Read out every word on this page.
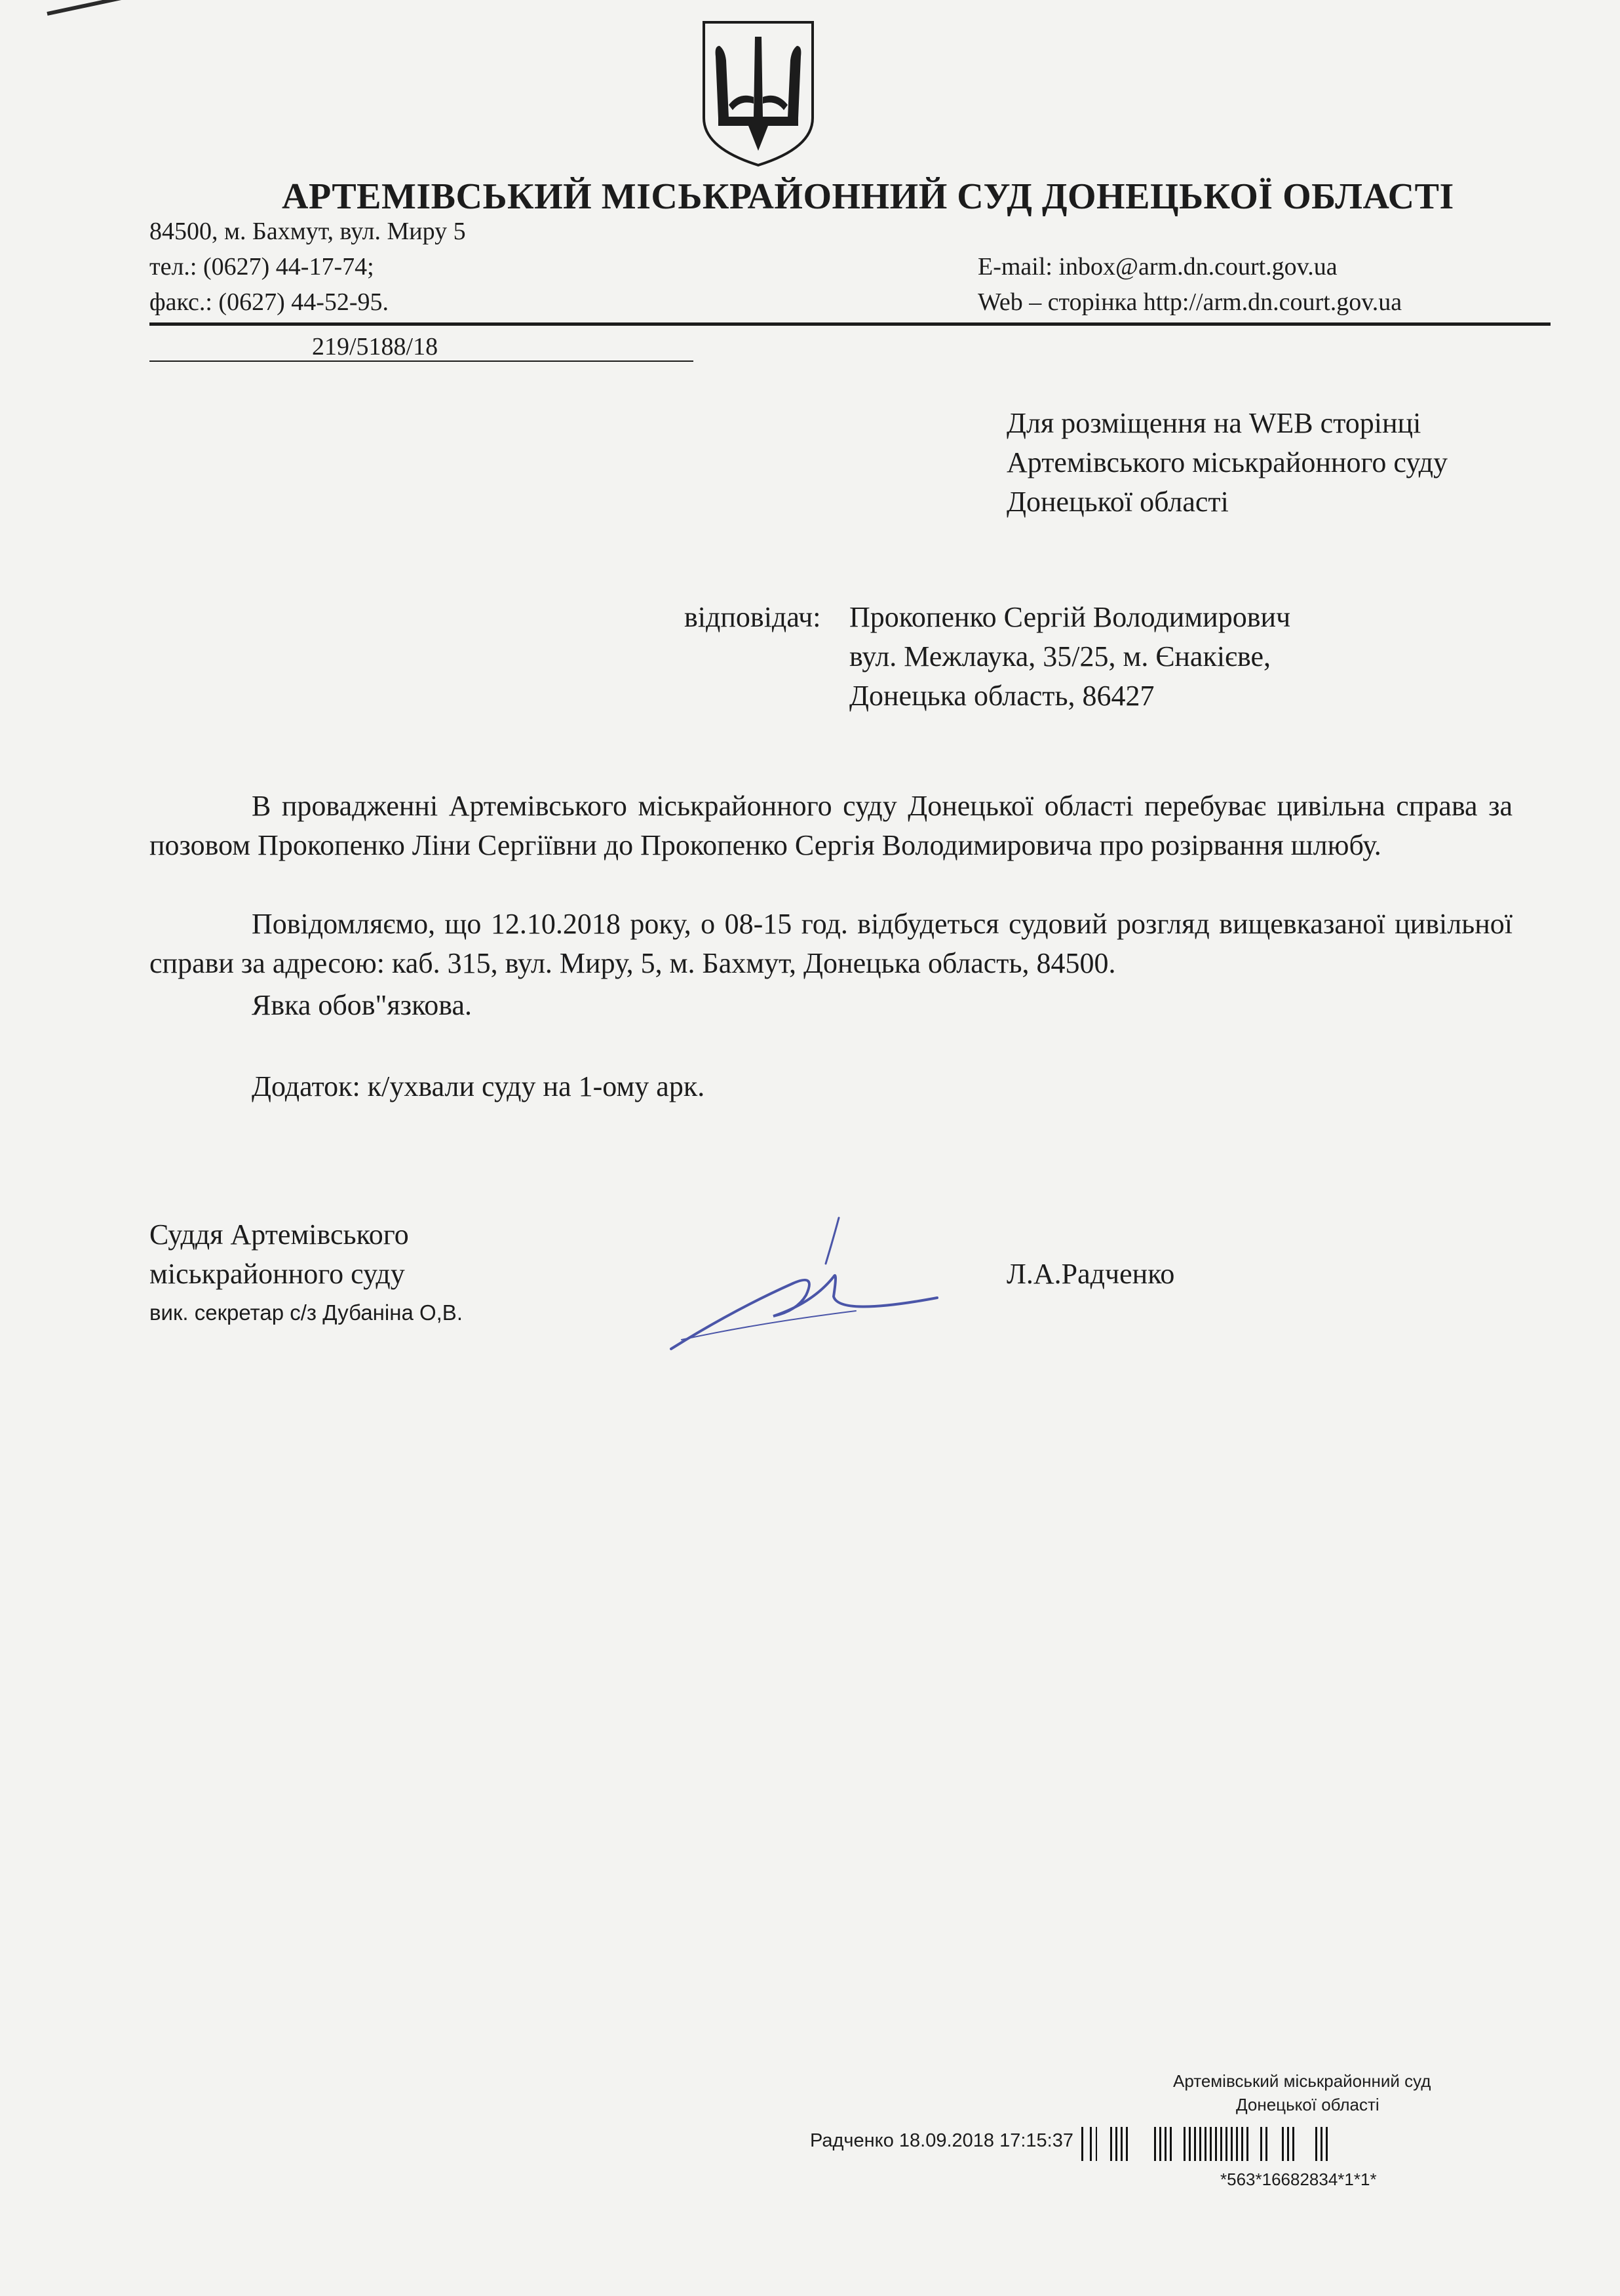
АРТЕМІВСЬКИЙ МІСЬКРАЙОННИЙ СУД ДОНЕЦЬКОЇ ОБЛАСТІ
84500, м. Бахмут, вул. Миру 5
тел.: (0627) 44-17-74;
факс.: (0627) 44-52-95.
E-mail: inbox@arm.dn.court.gov.ua
Web – сторінка http://arm.dn.court.gov.ua
219/5188/18
Для розміщення на WEB сторінці
Артемівського міськрайонного суду
Донецької області
відповідач: Прокопенко Сергій Володимирович
вул. Межлаука, 35/25, м. Єнакієве,
Донецька область, 86427
В провадженні Артемівського міськрайонного суду Донецької області перебуває цивільна справа за позовом Прокопенко Ліни Сергіївни до Прокопенко Сергія Володимировича про розірвання шлюбу.
Повідомляємо, що 12.10.2018 року, о 08-15 год. відбудеться судовий розгляд вищевказаної цивільної справи за адресою: каб. 315, вул. Миру, 5, м. Бахмут, Донецька область, 84500.
Явка обов"язкова.
Додаток: к/ухвали суду на 1-ому арк.
Суддя Артемівського
міськрайонного суду
вик. секретар с/з Дубаніна О,В.
Л.А.Радченко
Артемівський міськрайонний суд
Донецької області
Радченко 18.09.2018 17:15:37
*563*16682834*1*1*
